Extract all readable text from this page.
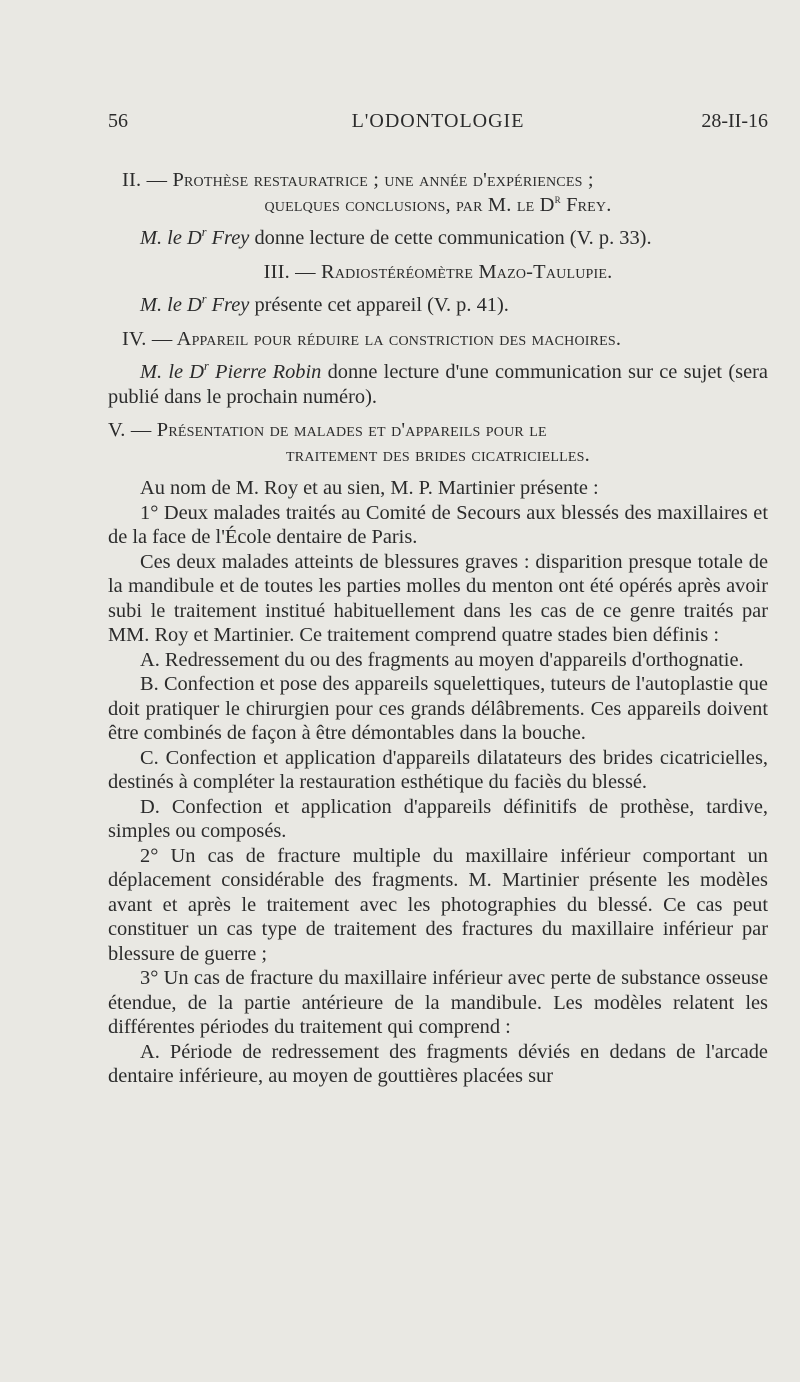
56	L'ODONTOLOGIE	28-II-16

II. — Prothèse restauratrice ; une année d'expériences ;

quelques conclusions, par M. le $D^r$ Frey.

M. le $D^r$ Frey donne lecture de cette communication (V. p. 33).

III. — Radiostéréomètre Mazo-Taulupie.

M. le $D^r$ Frey présente cet appareil (V. p. 41).

IV. — Appareil pour réduire la constriction des machoires.

M. le $D^r$ Pierre Robin donne lecture d'une communication sur ce sujet (sera publié dans le prochain numéro).

V. — Présentation de malades et d'appareils pour le

traitement des brides cicatricielles.

Au nom de M. Roy et au sien, M. P. Martinier présente :

1° Deux malades traités au Comité de Secours aux blessés des maxillaires et de la face de l'École dentaire de Paris.

Ces deux malades atteints de blessures graves : disparition presque totale de la mandibule et de toutes les parties molles du menton ont été opérés après avoir subi le traitement institué habituellement dans les cas de ce genre traités par MM. Roy et Martinier. Ce traitement comprend quatre stades bien définis :

A. Redressement du ou des fragments au moyen d'appareils d'orthognatie.

B. Confection et pose des appareils squelettiques, tuteurs de l'autoplastie que doit pratiquer le chirurgien pour ces grands délâbrements. Ces appareils doivent être combinés de façon à être démontables dans la bouche.

C. Confection et application d'appareils dilatateurs des brides cicatricielles, destinés à compléter la restauration esthétique du faciès du blessé.

D. Confection et application d'appareils définitifs de prothèse, tardive, simples ou composés.

2° Un cas de fracture multiple du maxillaire inférieur comportant un déplacement considérable des fragments. M. Martinier présente les modèles avant et après le traitement avec les photographies du blessé. Ce cas peut constituer un cas type de traitement des fractures du maxillaire inférieur par blessure de guerre ;

3° Un cas de fracture du maxillaire inférieur avec perte de substance osseuse étendue, de la partie antérieure de la mandibule. Les modèles relatent les différentes périodes du traitement qui comprend :

A. Période de redressement des fragments déviés en dedans de l'arcade dentaire inférieure, au moyen de gouttières placées sur
